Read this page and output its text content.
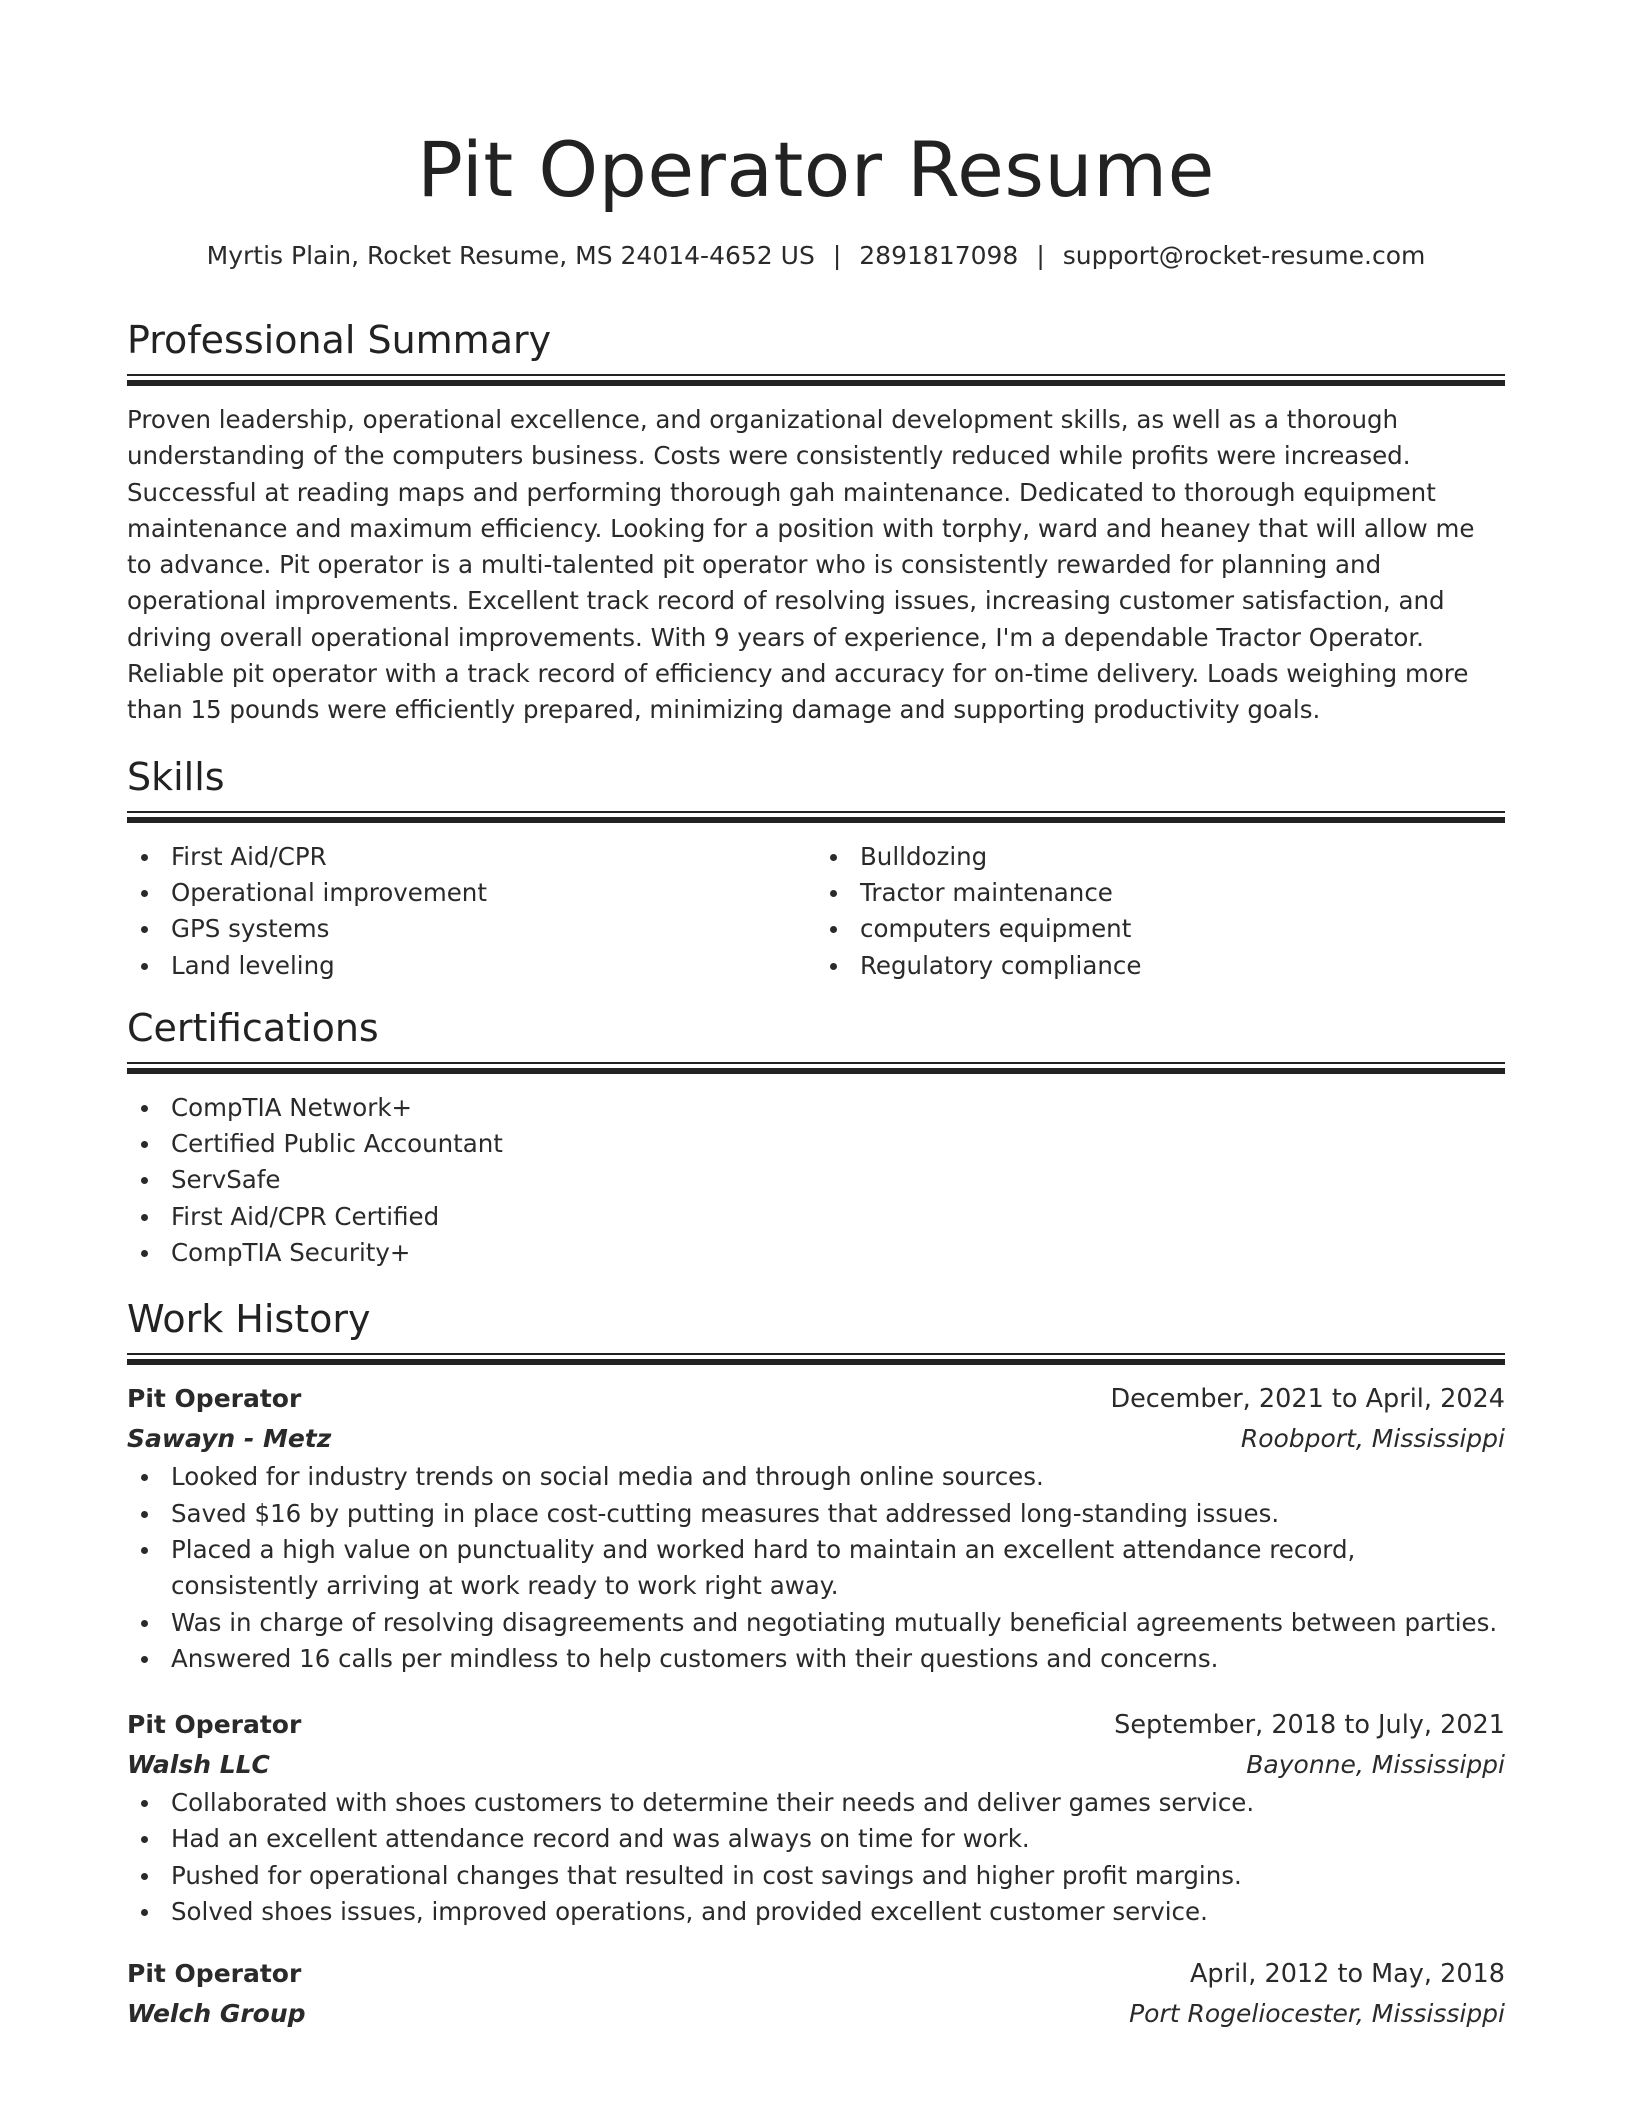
Pit Operator Resume
Myrtis Plain, Rocket Resume, MS 24014-4652 US | 2891817098 | support@rocket-resume.com
Professional Summary

Proven leadership, operational excellence, and organizational development skills, as well as a thorough understanding of the computers business. Costs were consistently reduced while profits were increased. Successful at reading maps and performing thorough gah maintenance. Dedicated to thorough equipment maintenance and maximum efficiency. Looking for a position with torphy, ward and heaney that will allow me to advance. Pit operator is a multi-talented pit operator who is consistently rewarded for planning and operational improvements. Excellent track record of resolving issues, increasing customer satisfaction, and driving overall operational improvements. With 9 years of experience, I'm a dependable Tractor Operator. Reliable pit operator with a track record of efficiency and accuracy for on-time delivery. Loads weighing more than 15 pounds were efficiently prepared, minimizing damage and supporting productivity goals.

Skills
First Aid/CPR
Operational improvement
GPS systems
Land leveling
Bulldozing
Tractor maintenance
computers equipment
Regulatory compliance
Certifications
CompTIA Network+
Certified Public Accountant
ServSafe
First Aid/CPR Certified
CompTIA Security+
Work History
Pit Operator	December, 2021 to April, 2024
Sawayn - Metz	Roobport, Mississippi
Looked for industry trends on social media and through online sources.
Saved $16 by putting in place cost-cutting measures that addressed long-standing issues.
Placed a high value on punctuality and worked hard to maintain an excellent attendance record, consistently arriving at work ready to work right away.
Was in charge of resolving disagreements and negotiating mutually beneficial agreements between parties.
Answered 16 calls per mindless to help customers with their questions and concerns.
Pit Operator	September, 2018 to July, 2021
Walsh LLC	Bayonne, Mississippi
Collaborated with shoes customers to determine their needs and deliver games service.
Had an excellent attendance record and was always on time for work.
Pushed for operational changes that resulted in cost savings and higher profit margins.
Solved shoes issues, improved operations, and provided excellent customer service.
Pit Operator	April, 2012 to May, 2018
Welch Group	Port Rogeliocester, Mississippi
